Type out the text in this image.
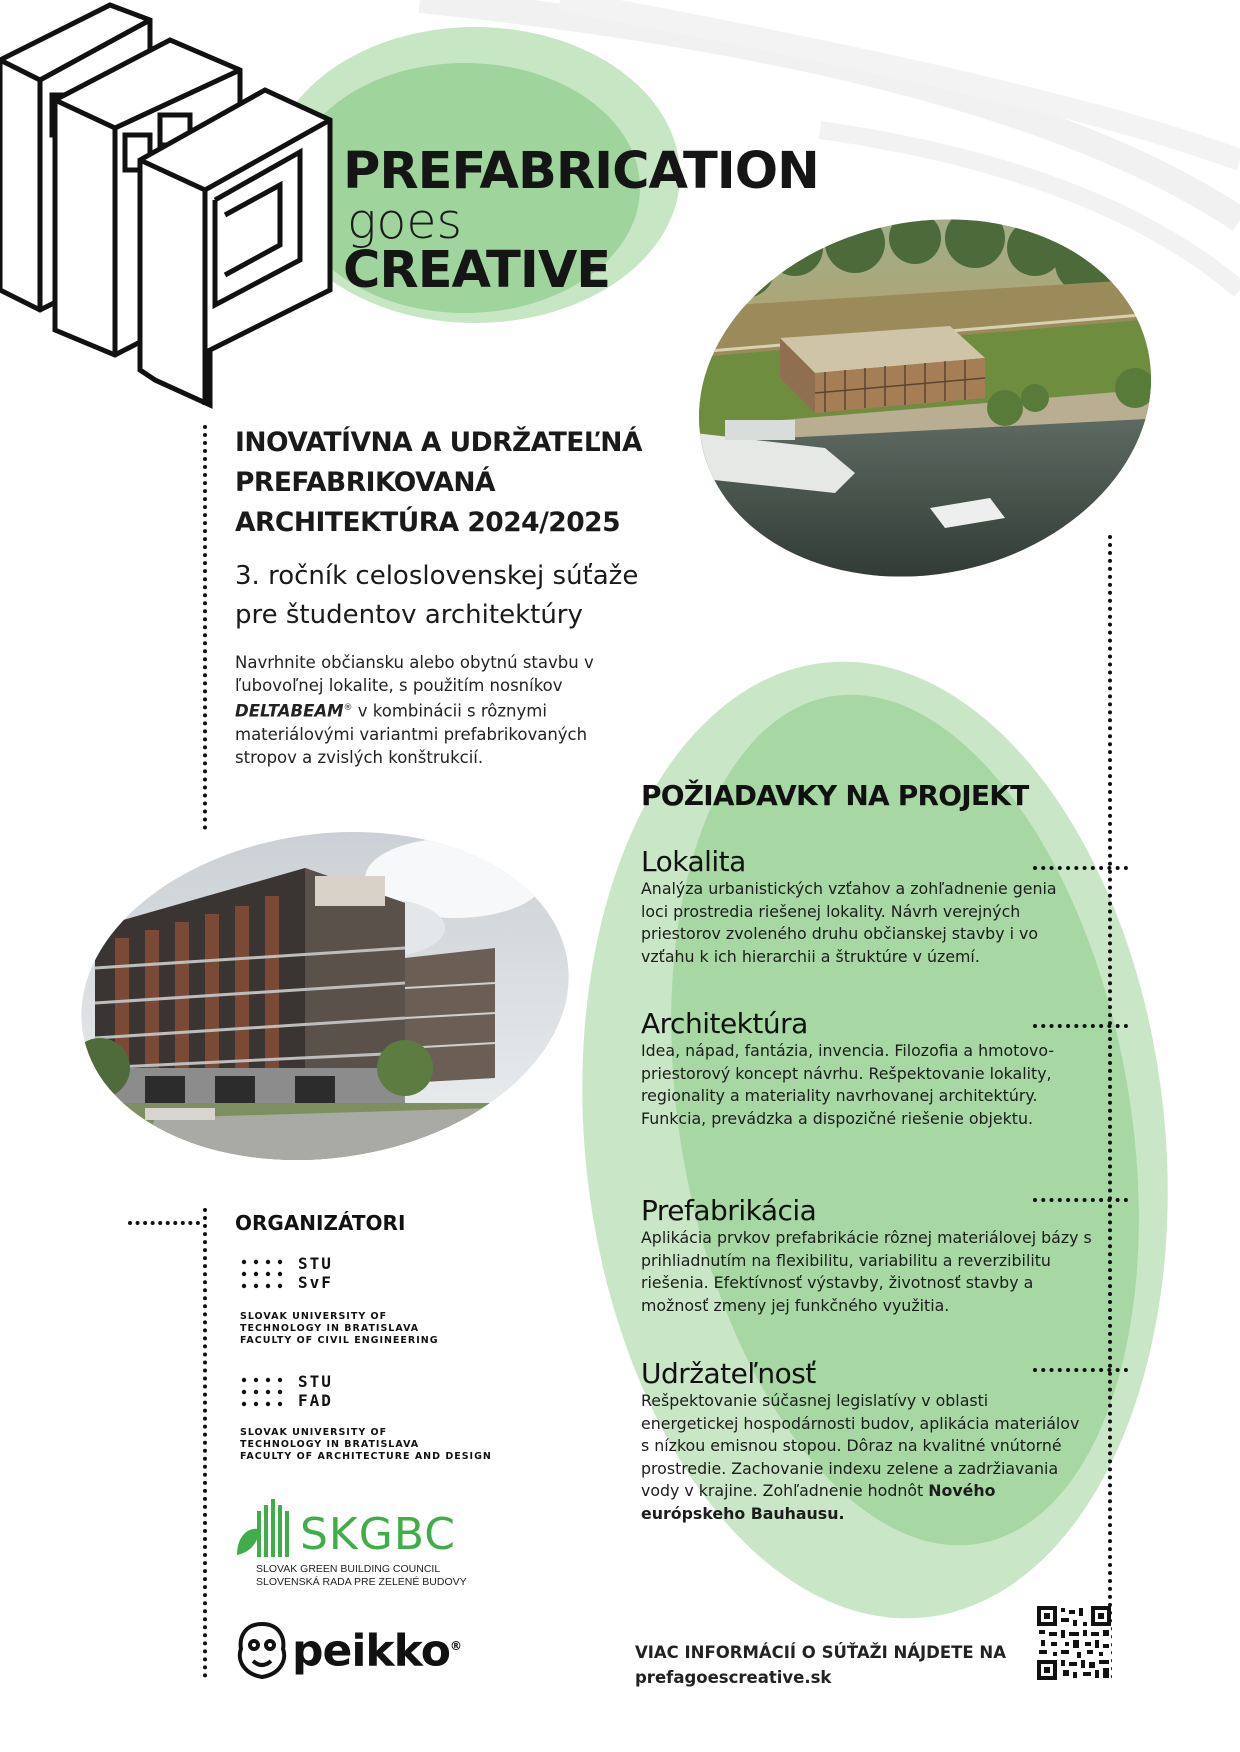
PREFABRICATION
goes
CREATIVE
INOVATÍVNA A UDRŽATEĽNÁ
PREFABRIKOVANÁ
ARCHITEKTÚRA 2024/2025
3. ročník celoslovenskej súťaže
pre študentov architektúry
Navrhnite občiansku alebo obytnú stavbu v ľubovoľnej lokalite, s použitím nosníkov DELTABEAM® v kombinácii s rôznymi materiálovými variantmi prefabrikovaných stropov a zvislých konštrukcií.
POŽIADAVKY NA PROJEKT
Lokalita
Analýza urbanistických vzťahov a zohľadnenie genia loci prostredia riešenej lokality. Návrh verejných priestorov zvoleného druhu občianskej stavby i vo vzťahu k ich hierarchii a štruktúre v území.
Architektúra
Idea, nápad, fantázia, invencia. Filozofia a hmotovo-priestorový koncept návrhu. Rešpektovanie lokality, regionality a materiality navrhovanej architektúry. Funkcia, prevádzka a dispozičné riešenie objektu.
Prefabrikácia
Aplikácia prvkov prefabrikácie rôznej materiálovej bázy s prihliadnutím na flexibilitu, variabilitu a reverzibilitu riešenia. Efektívnosť výstavby, životnosť stavby a možnosť zmeny jej funkčného využitia.
Udržateľnosť
Rešpektovanie súčasnej legislatívy v oblasti energetickej hospodárnosti budov, aplikácia materiálov s nízkou emisnou stopou. Dôraz na kvalitné vnútorné prostredie. Zachovanie indexu zelene a zadržiavania vody v krajine. Zohľadnenie hodnôt Nového európskeho Bauhausu.
ORGANIZÁTORI
STU
SvF
SLOVAK UNIVERSITY OF
TECHNOLOGY IN BRATISLAVA
FACULTY OF CIVIL ENGINEERING
STU
FAD
SLOVAK UNIVERSITY OF
TECHNOLOGY IN BRATISLAVA
FACULTY OF ARCHITECTURE AND DESIGN
SKGBC
SLOVAK GREEN BUILDING COUNCIL
SLOVENSKÁ RADA PRE ZELENÉ BUDOVY
peikko®	VIAC INFORMÁCIÍ O SÚŤAŽI NÁJDETE NA
prefagoescreative.sk
